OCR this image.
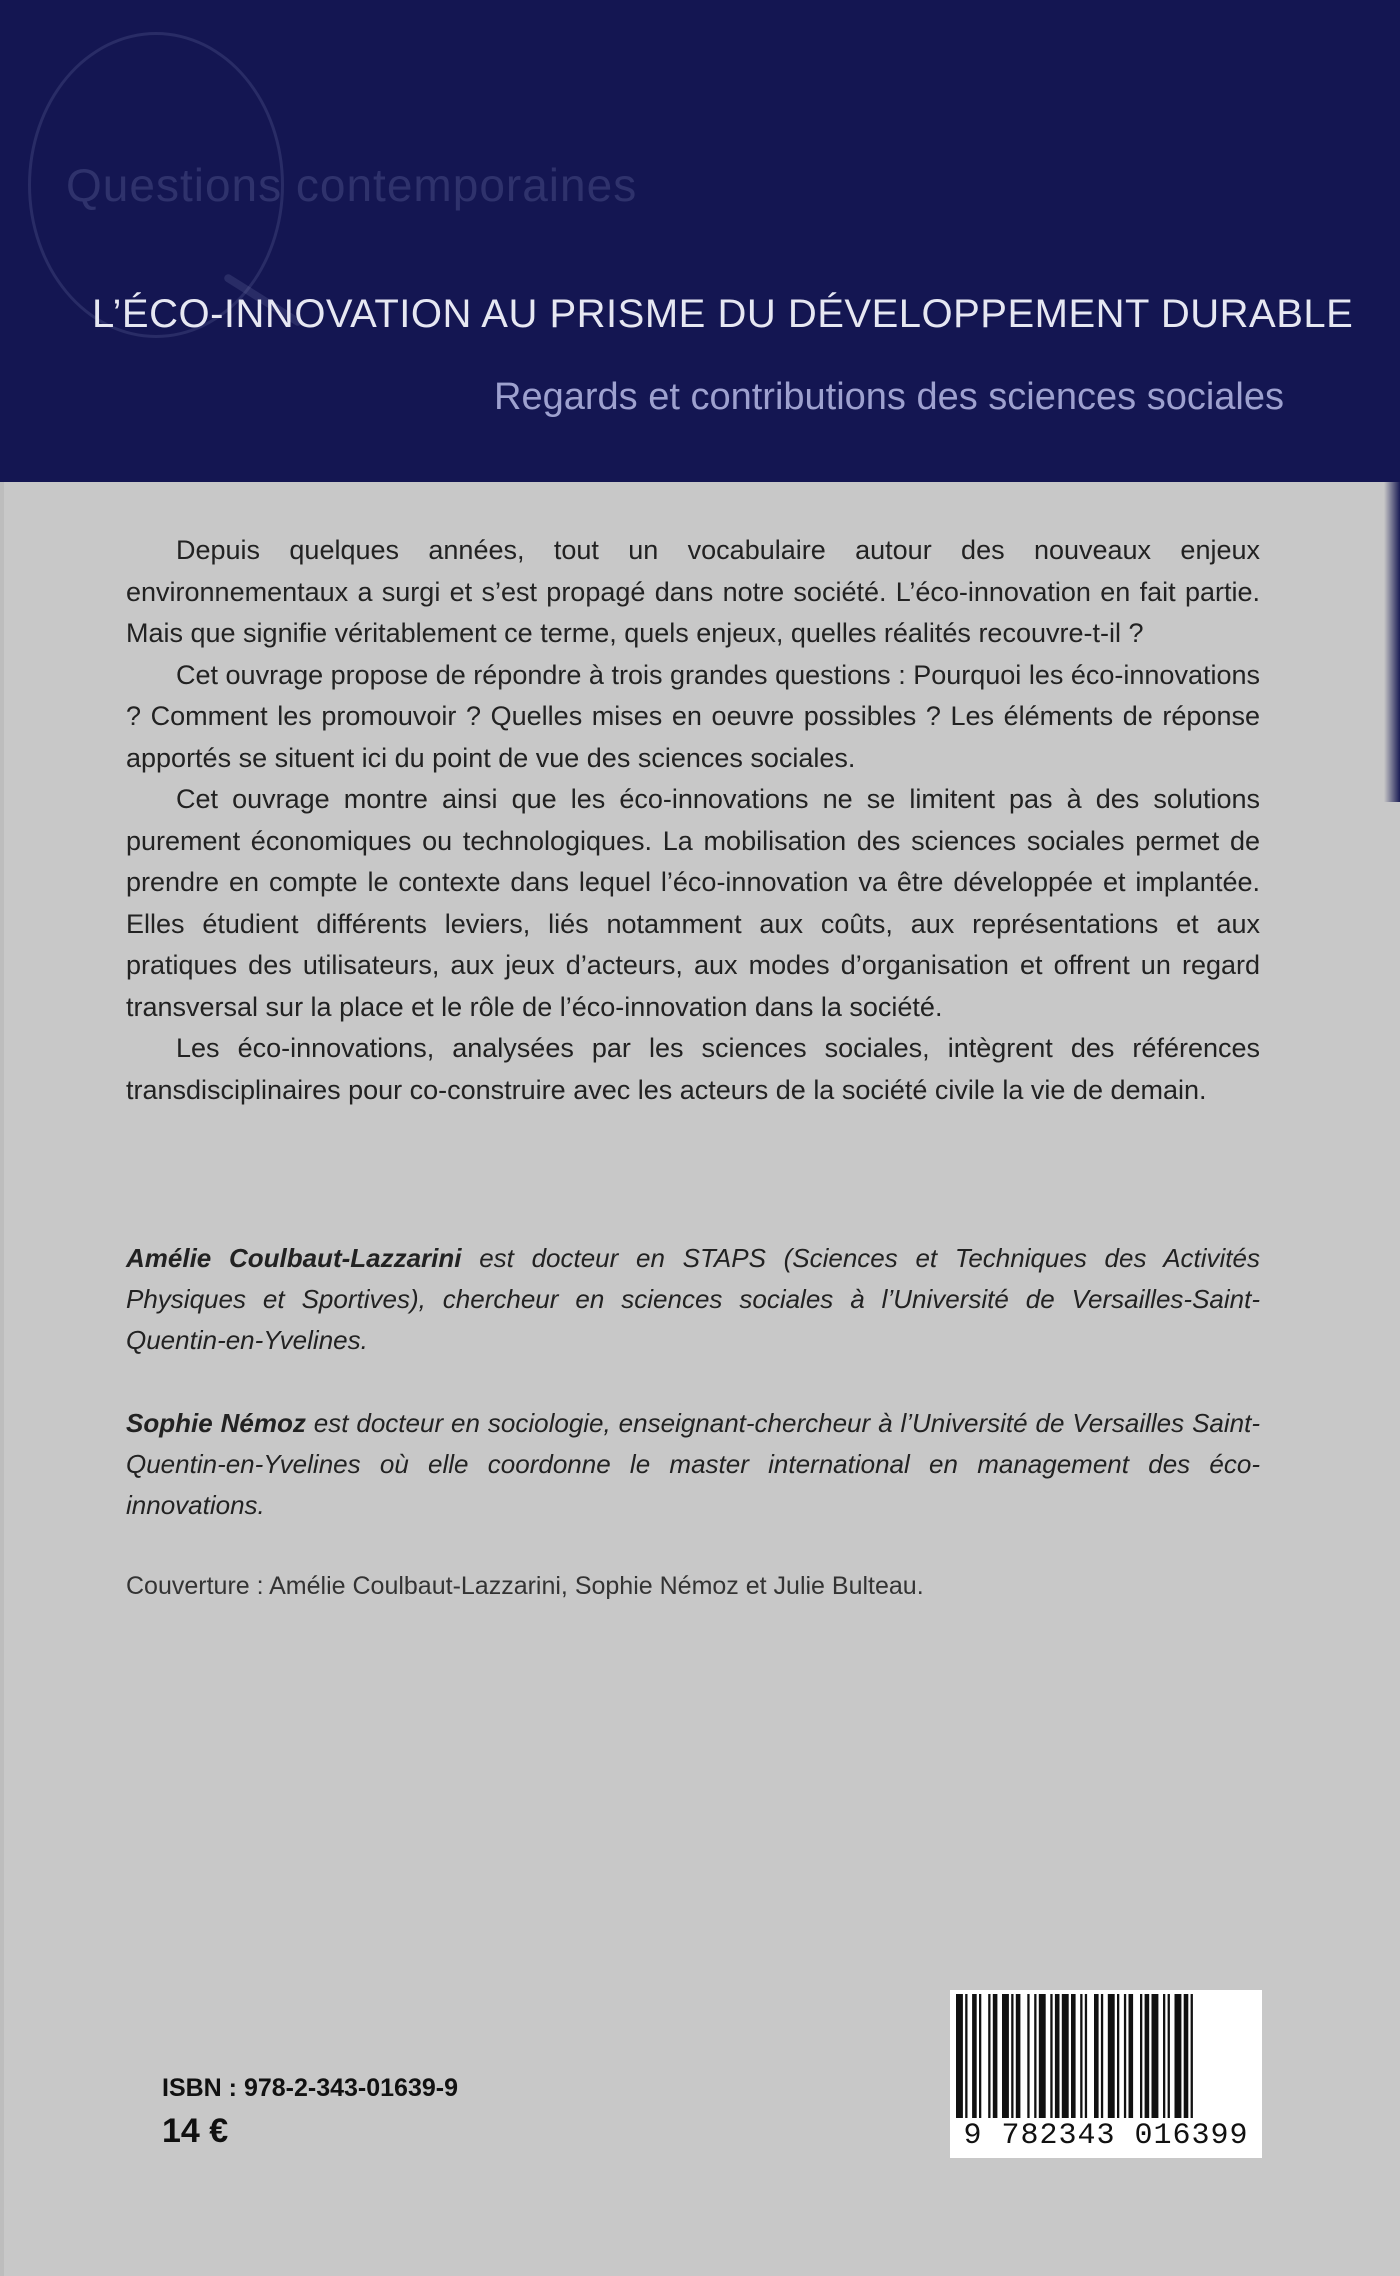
Questions contemporaines
L’ÉCO-INNOVATION AU PRISME DU DÉVELOPPEMENT DURABLE
Regards et contributions des sciences sociales

Depuis quelques années, tout un vocabulaire autour des nouveaux enjeux environnementaux a surgi et s’est propagé dans notre société. L’éco-innovation en fait partie. Mais que signifie véritablement ce terme, quels enjeux, quelles réalités recouvre-t-il ?

Cet ouvrage propose de répondre à trois grandes questions : Pourquoi les éco-innovations ? Comment les promouvoir ? Quelles mises en oeuvre possibles ? Les éléments de réponse apportés se situent ici du point de vue des sciences sociales.

Cet ouvrage montre ainsi que les éco-innovations ne se limitent pas à des solutions purement économiques ou technologiques. La mobilisation des sciences sociales permet de prendre en compte le contexte dans lequel l’éco-innovation va être développée et implantée. Elles étudient différents leviers, liés notamment aux coûts, aux représentations et aux pratiques des utilisateurs, aux jeux d’acteurs, aux modes d’organisation et offrent un regard transversal sur la place et le rôle de l’éco-innovation dans la société.

Les éco-innovations, analysées par les sciences sociales, intègrent des références transdisciplinaires pour co-construire avec les acteurs de la société civile la vie de demain.

Amélie Coulbaut-Lazzarini est docteur en STAPS (Sciences et Techniques des Activités Physiques et Sportives), chercheur en sciences sociales à l’Université de Versailles-Saint-Quentin-en-Yvelines.

Sophie Némoz est docteur en sociologie, enseignant-chercheur à l’Université de Versailles Saint-Quentin-en-Yvelines où elle coordonne le master international en management des éco-innovations.

Couverture : Amélie Coulbaut-Lazzarini, Sophie Némoz et Julie Bulteau.
ISBN : 978-2-343-01639-9
14 €	9 782343 016399
